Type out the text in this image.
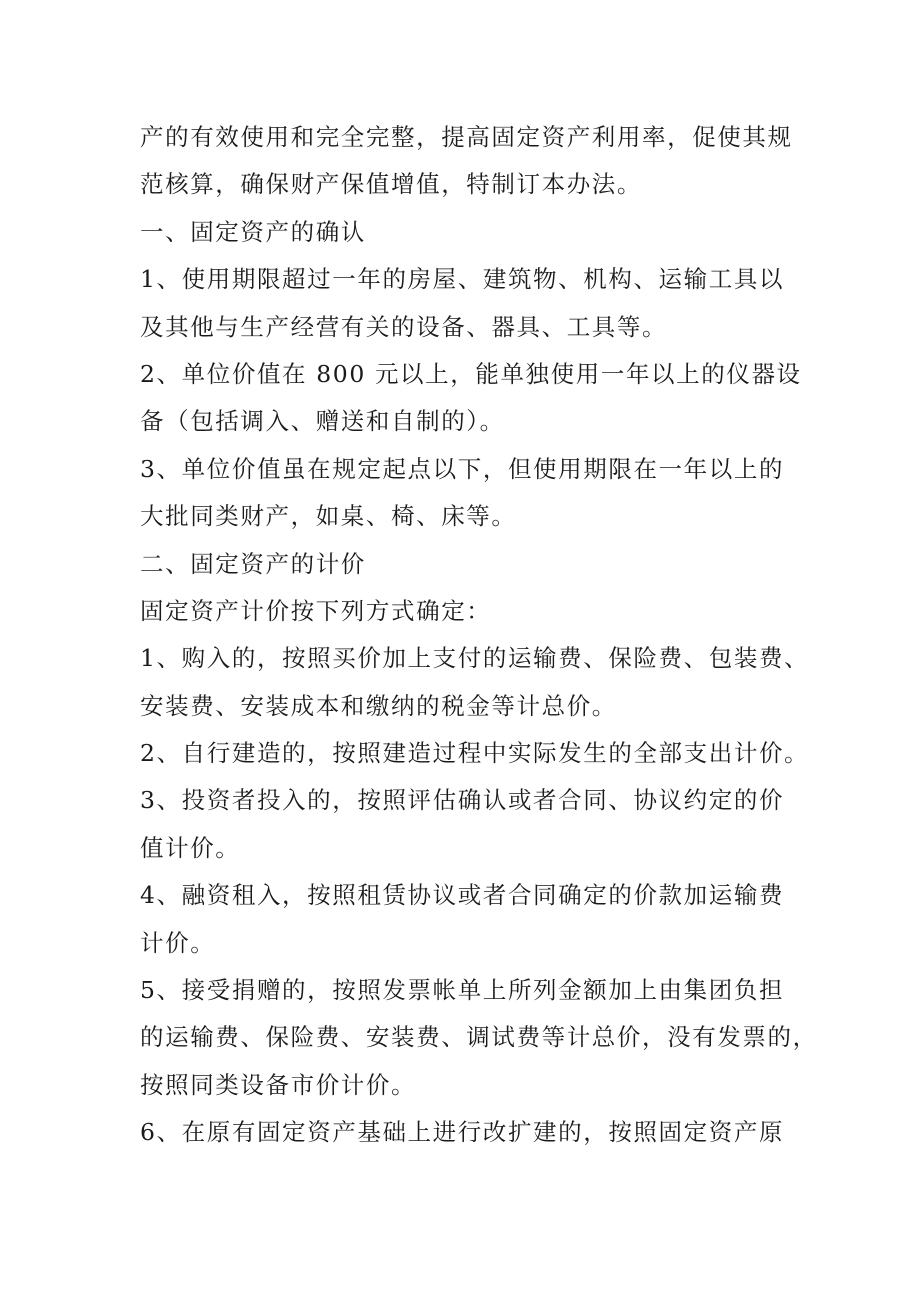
产的有效使用和完全完整，提高固定资产利用率，促使其规
范核算，确保财产保值增值，特制订本办法。
一、固定资产的确认
1、使用期限超过一年的房屋、建筑物、机构、运输工具以
及其他与生产经营有关的设备、器具、工具等。
2、单位价值在 800 元以上，能单独使用一年以上的仪器设
备（包括调入、赠送和自制的）。
3、单位价值虽在规定起点以下，但使用期限在一年以上的
大批同类财产，如桌、椅、床等。
二、固定资产的计价
固定资产计价按下列方式确定：
1、购入的，按照买价加上支付的运输费、保险费、包装费、
安装费、安装成本和缴纳的税金等计总价。
2、自行建造的，按照建造过程中实际发生的全部支出计价。
3、投资者投入的，按照评估确认或者合同、协议约定的价
值计价。
4、融资租入，按照租赁协议或者合同确定的价款加运输费
计价。
5、接受捐赠的，按照发票帐单上所列金额加上由集团负担
的运输费、保险费、安装费、调试费等计总价，没有发票的，
按照同类设备市价计价。
6、在原有固定资产基础上进行改扩建的，按照固定资产原
